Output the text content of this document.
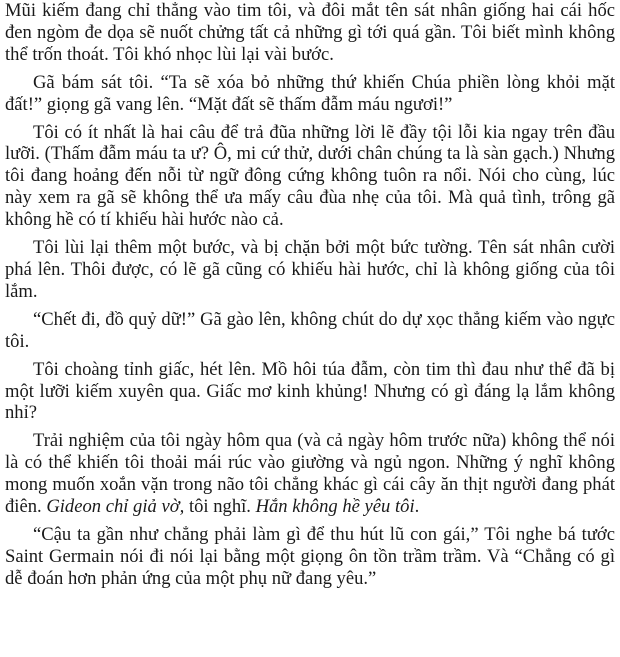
Mũi kiếm đang chỉ thẳng vào tim tôi, và đôi mắt tên sát nhân giống hai cái hốc đen ngòm đe dọa sẽ nuốt chửng tất cả những gì tới quá gần. Tôi biết mình không thể trốn thoát. Tôi khó nhọc lùi lại vài bước.

Gã bám sát tôi. “Ta sẽ xóa bỏ những thứ khiến Chúa phiền lòng khỏi mặt đất!” giọng gã vang lên. “Mặt đất sẽ thấm đẫm máu ngươi!”

Tôi có ít nhất là hai câu để trả đũa những lời lẽ đầy tội lỗi kia ngay trên đầu lưỡi. (Thấm đẫm máu ta ư? Ô, mi cứ thử, dưới chân chúng ta là sàn gạch.) Nhưng tôi đang hoảng đến nỗi từ ngữ đông cứng không tuôn ra nổi. Nói cho cùng, lúc này xem ra gã sẽ không thể ưa mấy câu đùa nhẹ của tôi. Mà quả tình, trông gã không hề có tí khiếu hài hước nào cả.

Tôi lùi lại thêm một bước, và bị chặn bởi một bức tường. Tên sát nhân cười phá lên. Thôi được, có lẽ gã cũng có khiếu hài hước, chỉ là không giống của tôi lắm.

“Chết đi, đồ quỷ dữ!” Gã gào lên, không chút do dự xọc thẳng kiếm vào ngực tôi.

Tôi choàng tỉnh giấc, hét lên. Mồ hôi túa đẫm, còn tim thì đau như thể đã bị một lưỡi kiếm xuyên qua. Giấc mơ kinh khủng! Nhưng có gì đáng lạ lắm không nhỉ?

Trải nghiệm của tôi ngày hôm qua (và cả ngày hôm trước nữa) không thể nói là có thể khiến tôi thoải mái rúc vào giường và ngủ ngon. Những ý nghĩ không mong muốn xoắn vặn trong não tôi chẳng khác gì cái cây ăn thịt người đang phát điên. Gideon chỉ giả vờ, tôi nghĩ. Hắn không hề yêu tôi.

“Cậu ta gần như chẳng phải làm gì để thu hút lũ con gái,” Tôi nghe bá tước Saint Germain nói đi nói lại bằng một giọng ôn tồn trầm trầm. Và “Chẳng có gì dễ đoán hơn phản ứng của một phụ nữ đang yêu.”
